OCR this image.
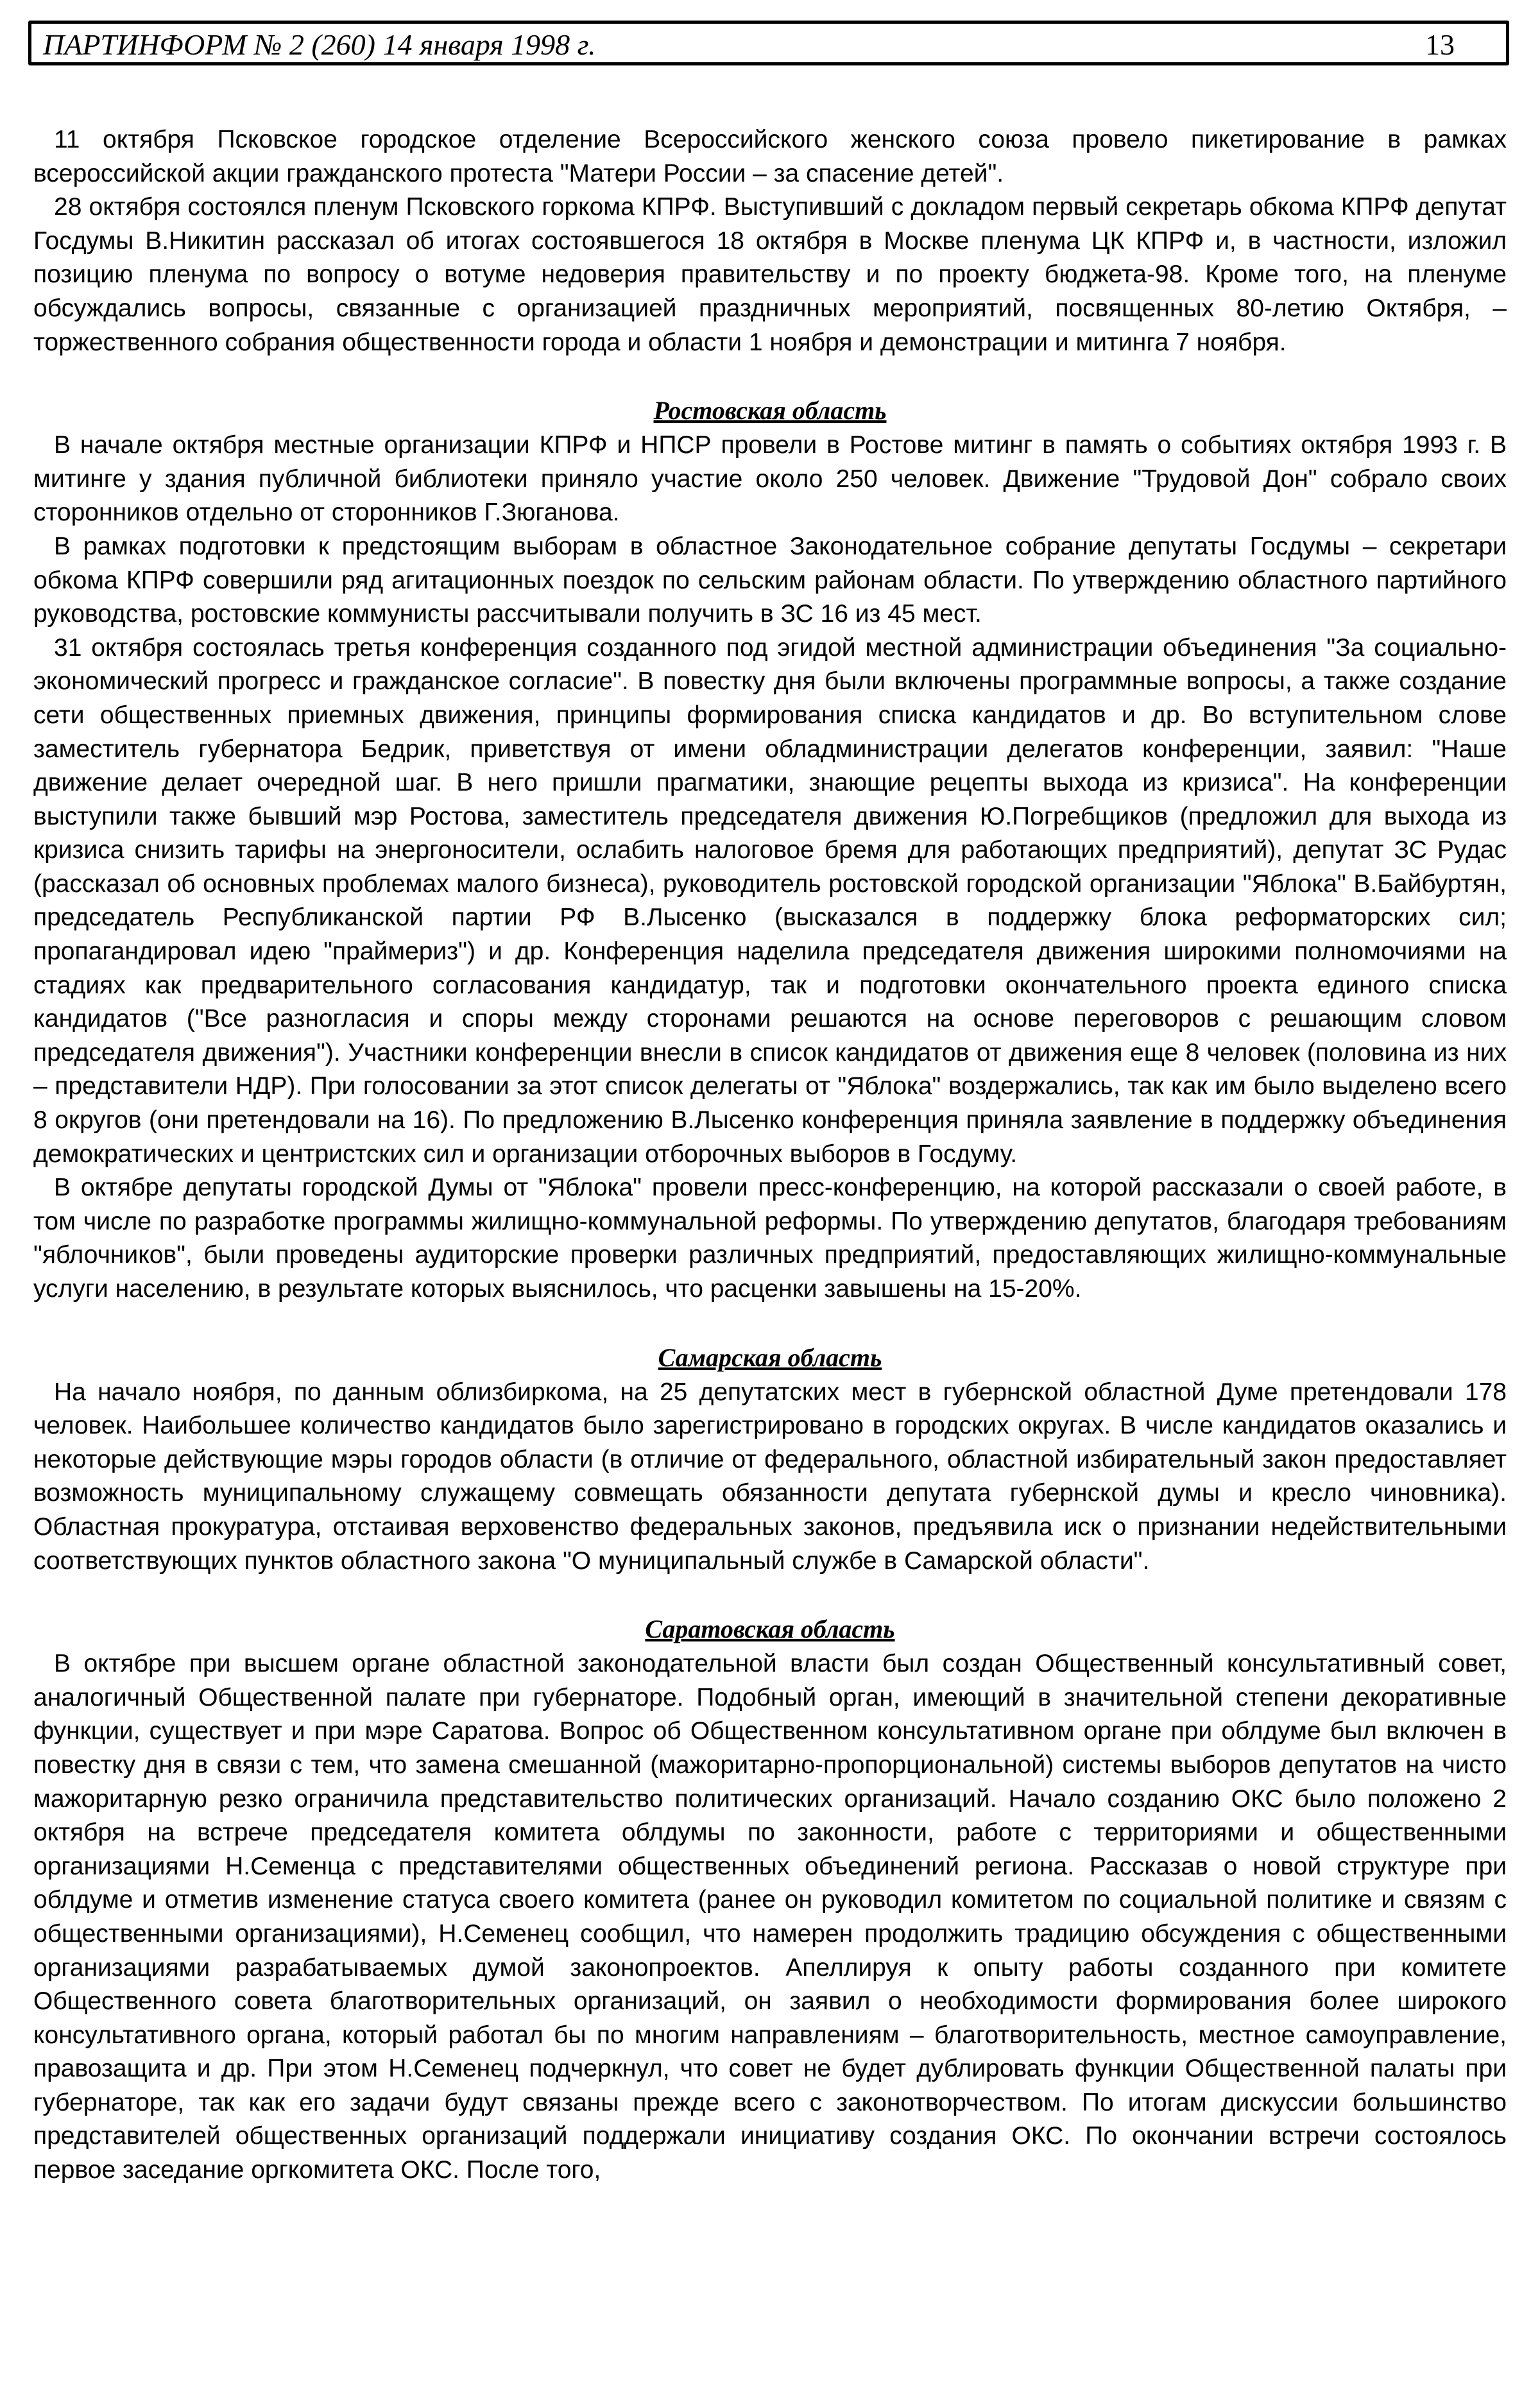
ПАРТИНФОРМ № 2 (260) 14 января 1998 г.	13

11 октября Псковское городское отделение Всероссийского женского союза провело пикетирование в рамках всероссийской акции гражданского протеста "Матери России – за спасение детей".

28 октября состоялся пленум Псковского горкома КПРФ. Выступивший с докладом первый секретарь обкома КПРФ депутат Госдумы В.Никитин рассказал об итогах состоявшегося 18 октября в Москве пленума ЦК КПРФ и, в частности, изложил позицию пленума по вопросу о вотуме недоверия правительству и по проекту бюджета-98. Кроме того, на пленуме обсуждались вопросы, связанные с организацией праздничных мероприятий, посвященных 80-летию Октября, – торжественного собрания общественности города и области 1 ноября и демонстрации и митинга 7 ноября.

Ростовская область

В начале октября местные организации КПРФ и НПСР провели в Ростове митинг в память о событиях октября 1993 г. В митинге у здания публичной библиотеки приняло участие около 250 человек. Движение "Трудовой Дон" собрало своих сторонников отдельно от сторонников Г.Зюганова.

В рамках подготовки к предстоящим выборам в областное Законодательное собрание депутаты Госдумы – секретари обкома КПРФ совершили ряд агитационных поездок по сельским районам области. По утверждению областного партийного руководства, ростовские коммунисты рассчитывали получить в ЗС 16 из 45 мест.

31 октября состоялась третья конференция созданного под эгидой местной администрации объединения "За социально-экономический прогресс и гражданское согласие". В повестку дня были включены программные вопросы, а также создание сети общественных приемных движения, принципы формирования списка кандидатов и др. Во вступительном слове заместитель губернатора Бедрик, приветствуя от имени обладминистрации делегатов конференции, заявил: "Наше движение делает очередной шаг. В него пришли прагматики, знающие рецепты выхода из кризиса". На конференции выступили также бывший мэр Ростова, заместитель председателя движения Ю.Погребщиков (предложил для выхода из кризиса снизить тарифы на энергоносители, ослабить налоговое бремя для работающих предприятий), депутат ЗС Рудас (рассказал об основных проблемах малого бизнеса), руководитель ростовской городской организации "Яблока" В.Байбуртян, председатель Республиканской партии РФ В.Лысенко (высказался в поддержку блока реформаторских сил; пропагандировал идею "праймериз") и др. Конференция наделила председателя движения широкими полномочиями на стадиях как предварительного согласования кандидатур, так и подготовки окончательного проекта единого списка кандидатов ("Все разногласия и споры между сторонами решаются на основе переговоров с решающим словом председателя движения"). Участники конференции внесли в список кандидатов от движения еще 8 человек (половина из них – представители НДР). При голосовании за этот список делегаты от "Яблока" воздержались, так как им было выделено всего 8 округов (они претендовали на 16). По предложению В.Лысенко конференция приняла заявление в поддержку объединения демократических и центристских сил и организации отборочных выборов в Госдуму.

В октябре депутаты городской Думы от "Яблока" провели пресс-конференцию, на которой рассказали о своей работе, в том числе по разработке программы жилищно-коммунальной реформы. По утверждению депутатов, благодаря требованиям "яблочников", были проведены аудиторские проверки различных предприятий, предоставляющих жилищно-коммунальные услуги населению, в результате которых выяснилось, что расценки завышены на 15-20%.

Самарская область

На начало ноября, по данным облизбиркома, на 25 депутатских мест в губернской областной Думе претендовали 178 человек. Наибольшее количество кандидатов было зарегистрировано в городских округах. В числе кандидатов оказались и некоторые действующие мэры городов области (в отличие от федерального, областной избирательный закон предоставляет возможность муниципальному служащему совмещать обязанности депутата губернской думы и кресло чиновника). Областная прокуратура, отстаивая верховенство федеральных законов, предъявила иск о признании недействительными соответствующих пунктов областного закона "О муниципальный службе в Самарской области".

Саратовская область

В октябре при высшем органе областной законодательной власти был создан Общественный консультативный совет, аналогичный Общественной палате при губернаторе. Подобный орган, имеющий в значительной степени декоративные функции, существует и при мэре Саратова. Вопрос об Общественном консультативном органе при облдуме был включен в повестку дня в связи с тем, что замена смешанной (мажоритарно-пропорциональной) системы выборов депутатов на чисто мажоритарную резко ограничила представительство политических организаций. Начало созданию ОКС было положено 2 октября на встрече председателя комитета облдумы по законности, работе с территориями и общественными организациями Н.Семенца с представителями общественных объединений региона. Рассказав о новой структуре при облдуме и отметив изменение статуса своего комитета (ранее он руководил комитетом по социальной политике и связям с общественными организациями), Н.Семенец сообщил, что намерен продолжить традицию обсуждения с общественными организациями разрабатываемых думой законопроектов. Апеллируя к опыту работы созданного при комитете Общественного совета благотворительных организаций, он заявил о необходимости формирования более широкого консультативного органа, который работал бы по многим направлениям – благотворительность, местное самоуправление, правозащита и др. При этом Н.Семенец подчеркнул, что совет не будет дублировать функции Общественной палаты при губернаторе, так как его задачи будут связаны прежде всего с законотворчеством. По итогам дискуссии большинство представителей общественных организаций поддержали инициативу создания ОКС. По окончании встречи состоялось первое заседание оргкомитета ОКС. После того,
